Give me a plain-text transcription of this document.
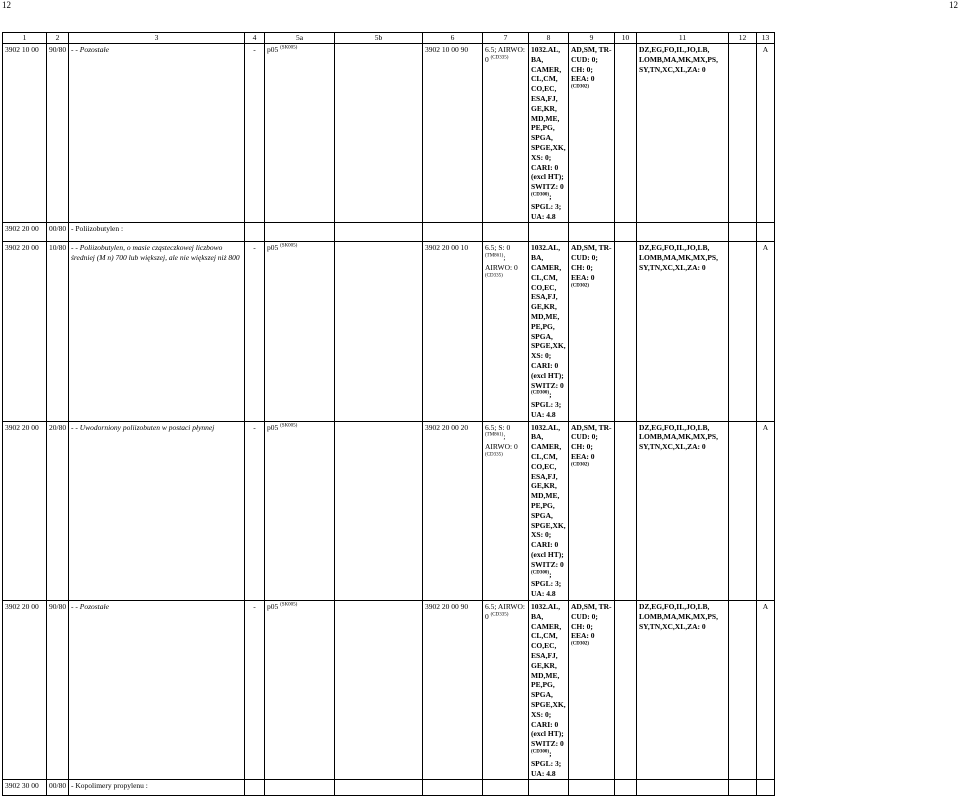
12	12
1	2	3	4	5a	5b	6	7	8	9	10	11	12	13
3902 10 00	90/80	- - Pozostałe	-	p05 $^{(SK005)}$		3902 10 00 90	6.5; AIRWO: 0 $^{(CD335)}$	1032.AL, BA, CAMER, CL,CM, CO,EC, ESA,FJ, GE,KR, MD,ME, PE,PG, SPGA, SPGE,XK, XS: 0; CARI: 0 (excl HT); SWITZ: 0 $^{(CD300)}$; SPGL: 3; UA: 4.8	AD,SM, TR-CUD: 0; CH: 0; EEA: 0 $^{(CD302)}$		DZ,EG,FO,IL,JO,LB, LOMB,MA,MK,MX,PS, SY,TN,XC,XL,ZA: 0		A
3902 20 00	00/80	- Poliizobutylen :											
3902 20 00	10/80	- - Poliizobutylen, o masie cząsteczkowej liczbowo średniej (M n) 700 lub większej, ale nie większej niż 800	-	p05 $^{(SK005)}$		3902 20 00 10	6.5; S: 0 $^{(TM861)}$; AIRWO: 0 $^{(CD335)}$	1032.AL, BA, CAMER, CL,CM, CO,EC, ESA,FJ, GE,KR, MD,ME, PE,PG, SPGA, SPGE,XK, XS: 0; CARI: 0 (excl HT); SWITZ: 0 $^{(CD300)}$; SPGL: 3; UA: 4.8	AD,SM, TR-CUD: 0; CH: 0; EEA: 0 $^{(CD302)}$		DZ,EG,FO,IL,JO,LB, LOMB,MA,MK,MX,PS, SY,TN,XC,XL,ZA: 0		A
3902 20 00	20/80	- - Uwodorniony poliizobuten w postaci płynnej	-	p05 $^{(SK005)}$		3902 20 00 20	6.5; S: 0 $^{(TM861)}$; AIRWO: 0 $^{(CD335)}$	1032.AL, BA, CAMER, CL,CM, CO,EC, ESA,FJ, GE,KR, MD,ME, PE,PG, SPGA, SPGE,XK, XS: 0; CARI: 0 (excl HT); SWITZ: 0 $^{(CD300)}$; SPGL: 3; UA: 4.8	AD,SM, TR-CUD: 0; CH: 0; EEA: 0 $^{(CD302)}$		DZ,EG,FO,IL,JO,LB, LOMB,MA,MK,MX,PS, SY,TN,XC,XL,ZA: 0		A
3902 20 00	90/80	- - Pozostałe	-	p05 $^{(SK005)}$		3902 20 00 90	6.5; AIRWO: 0 $^{(CD335)}$	1032.AL, BA, CAMER, CL,CM, CO,EC, ESA,FJ, GE,KR, MD,ME, PE,PG, SPGA, SPGE,XK, XS: 0; CARI: 0 (excl HT); SWITZ: 0 $^{(CD300)}$; SPGL: 3; UA: 4.8	AD,SM, TR-CUD: 0; CH: 0; EEA: 0 $^{(CD302)}$		DZ,EG,FO,IL,JO,LB, LOMB,MA,MK,MX,PS, SY,TN,XC,XL,ZA: 0		A
3902 30 00	00/80	- Kopolimery propylenu :											
